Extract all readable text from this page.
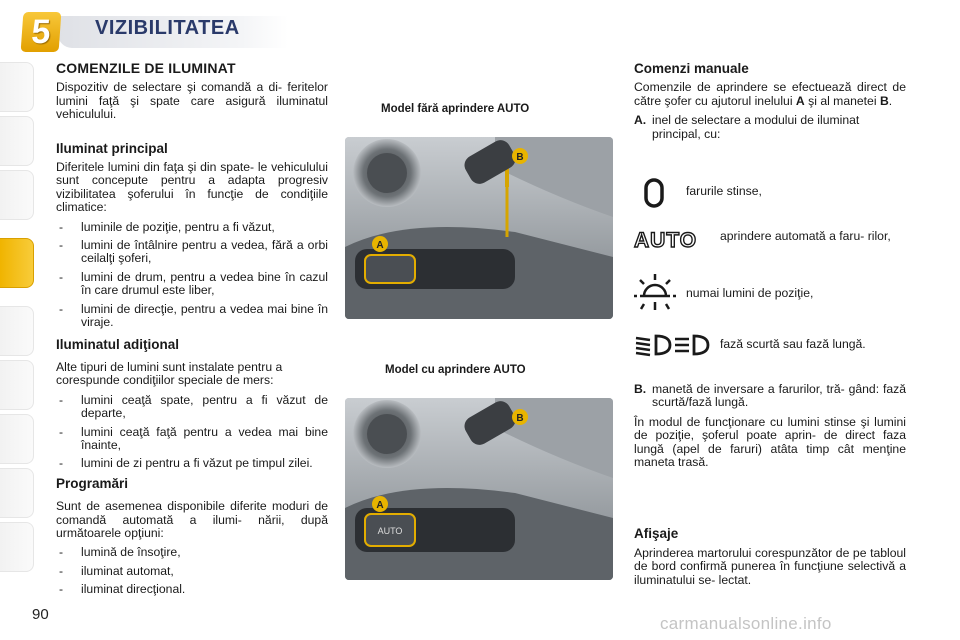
5	VIZIBILITATEA
COMENZILE DE ILUMINAT

Dispozitiv de selectare şi comandă a di- feritelor lumini faţă şi spate care asigură iluminatul vehiculului.

Iluminat principal

Diferitele lumini din faţa şi din spate- le vehiculului sunt concepute pentru a adapta progresiv vizibilitatea şoferului în funcţie de condiţiile climatice:

- luminile de poziţie, pentru a fi văzut,
- lumini de întâlnire pentru a vedea, fără a orbi ceilalţi şoferi,
- lumini de drum, pentru a vedea bine în cazul în care drumul este liber,
- lumini de direcţie, pentru a vedea mai bine în viraje.
Iluminatul adiţional

Alte tipuri de lumini sunt instalate pentru a corespunde condiţiilor speciale de mers:

- lumini ceaţă spate, pentru a fi văzut de departe,
- lumini ceaţă faţă pentru a vedea mai bine înainte,
- lumini de zi pentru a fi văzut pe timpul zilei.
Programări

Sunt de asemenea disponibile diferite moduri de comandă automată a ilumi- nării, după următoarele opţiuni:

- lumină de însoţire,
- iluminat automat,
- iluminat direcţional.
Model fără aprindere AUTO
A
B
Model cu aprindere AUTO
AUTO
A
B
Comenzi manuale

Comenzile de aprindere se efectuează direct de către şofer cu ajutorul inelului A şi al manetei B.

A. inel de selectare a modului de iluminat principal, cu:

farurile stinse,
AUTO	aprindere automată a faru- rilor,
numai lumini de poziţie,
fază scurtă sau fază lungă.

B. manetă de inversare a farurilor, tră- gând: fază scurtă/fază lungă.

În modul de funcţionare cu lumini stinse şi lumini de poziţie, şoferul poate aprin- de direct faza lungă (apel de faruri) atâta timp cât menţine maneta trasă.

Afişaje

Aprinderea martorului corespunzător de pe tabloul de bord confirmă punerea în funcţiune selectivă a iluminatului se- lectat.

90	carmanualsonline.info
